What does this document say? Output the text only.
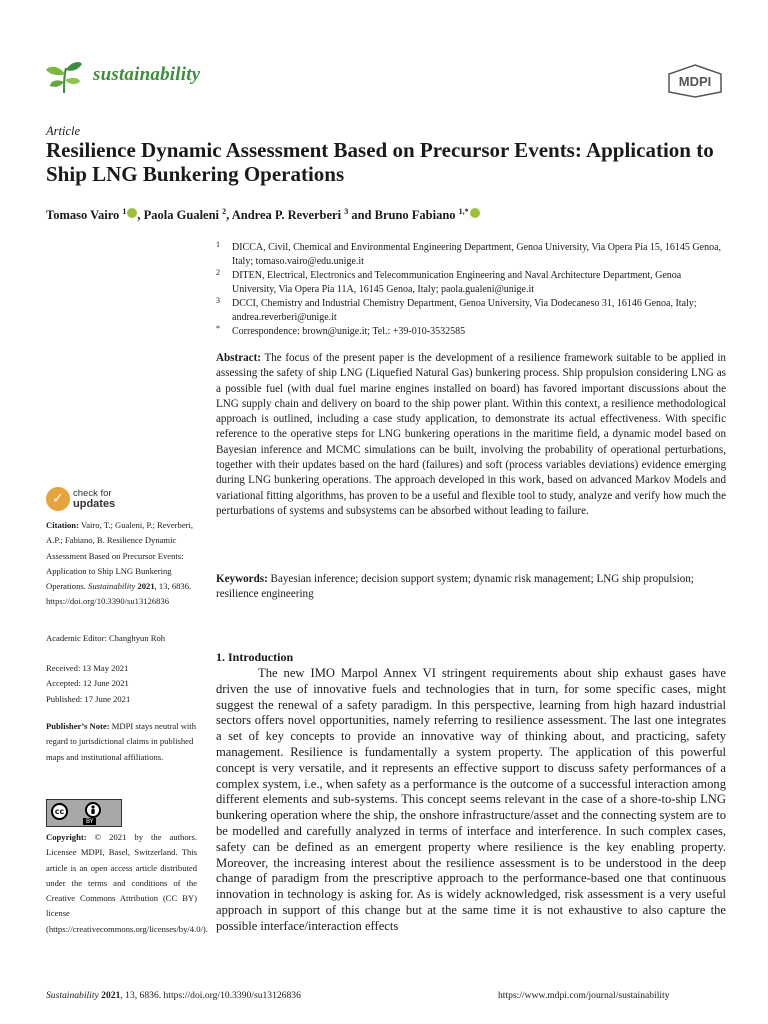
sustainability	MDPI
Article
Resilience Dynamic Assessment Based on Precursor Events: Application to Ship LNG Bunkering Operations
Tomaso Vairo $^1$ , Paola Gualeni $^2$, Andrea P. Reverberi $^3$ and Bruno Fabiano $^{1,*}$
1 DICCA, Civil, Chemical and Environmental Engineering Department, Genoa University, Via Opera Pia 15, 16145 Genoa, Italy; tomaso.vairo@edu.unige.it
2 DITEN, Electrical, Electronics and Telecommunication Engineering and Naval Architecture Department, Genoa University, Via Opera Pia 11A, 16145 Genoa, Italy; paola.gualeni@unige.it
3 DCCI, Chemistry and Industrial Chemistry Department, Genoa University, Via Dodecaneso 31, 16146 Genoa, Italy; andrea.reverberi@unige.it
* Correspondence: brown@unige.it; Tel.: +39-010-3532585
Abstract: The focus of the present paper is the development of a resilience framework suitable to be applied in assessing the safety of ship LNG (Liquefied Natural Gas) bunkering process. Ship propulsion considering LNG as a possible fuel (with dual fuel marine engines installed on board) has favored important discussions about the LNG supply chain and delivery on board to the ship power plant. Within this context, a resilience methodological approach is outlined, including a case study application, to demonstrate its actual effectiveness. With specific reference to the operative steps for LNG bunkering operations in the maritime field, a dynamic model based on Bayesian inference and MCMC simulations can be built, involving the probability of operational perturbations, together with their updates based on the hard (failures) and soft (process variables deviations) evidence emerging during LNG bunkering operations. The approach developed in this work, based on advanced Markov Models and variational fitting algorithms, has proven to be a useful and flexible tool to study, analyze and verify how much the perturbations of systems and subsystems can be absorbed without leading to failure.
Keywords: Bayesian inference; decision support system; dynamic risk management; LNG ship propulsion; resilience engineering
✓ check for
updates
Citation: Vairo, T.; Gualeni, P.; Reverberi, A.P.; Fabiano, B. Resilience Dynamic Assessment Based on Precursor Events: Application to Ship LNG Bunkering Operations. Sustainability 2021, 13, 6836. https://doi.org/10.3390/su13126836
Academic Editor: Changhyun Roh
Received: 13 May 2021
Accepted: 12 June 2021
Published: 17 June 2021
Publisher’s Note: MDPI stays neutral with regard to jurisdictional claims in published maps and institutional affiliations.
cc
BY
Copyright: © 2021 by the authors. Licensee MDPI, Basel, Switzerland. This article is an open access article distributed under the terms and conditions of the Creative Commons Attribution (CC BY) license (https://creativecommons.org/licenses/by/4.0/).
1. Introduction
The new IMO Marpol Annex VI stringent requirements about ship exhaust gases have driven the use of innovative fuels and technologies that in turn, for some specific cases, might suggest the renewal of a safety paradigm. In this perspective, learning from high hazard industrial sectors offers novel opportunities, namely referring to resilience assessment. The last one integrates a set of key concepts to provide an innovative way of thinking about, and practicing, safety management. Resilience is fundamentally a system property. The application of this powerful concept is very versatile, and it represents an effective support to discuss safety performances of a complex system, i.e., when safety as a performance is the outcome of a successful interaction among different elements and sub-systems. This concept seems relevant in the case of a shore-to-ship LNG bunkering operation where the ship, the onshore infrastructure/asset and the connecting system are to be modelled and carefully analyzed in terms of interface and interference. In such complex cases, safety can be defined as an emergent property where resilience is the key enabling property. Moreover, the increasing interest about the resilience assessment is to be understood in the deep change of paradigm from the prescriptive approach to the performance-based one that continuous innovation in technology is asking for. As is widely acknowledged, risk assessment is a very useful approach in support of this change but at the same time it is not exhaustive to also capture the possible interface/interaction effects
Sustainability 2021, 13, 6836. https://doi.org/10.3390/su13126836	https://www.mdpi.com/journal/sustainability
